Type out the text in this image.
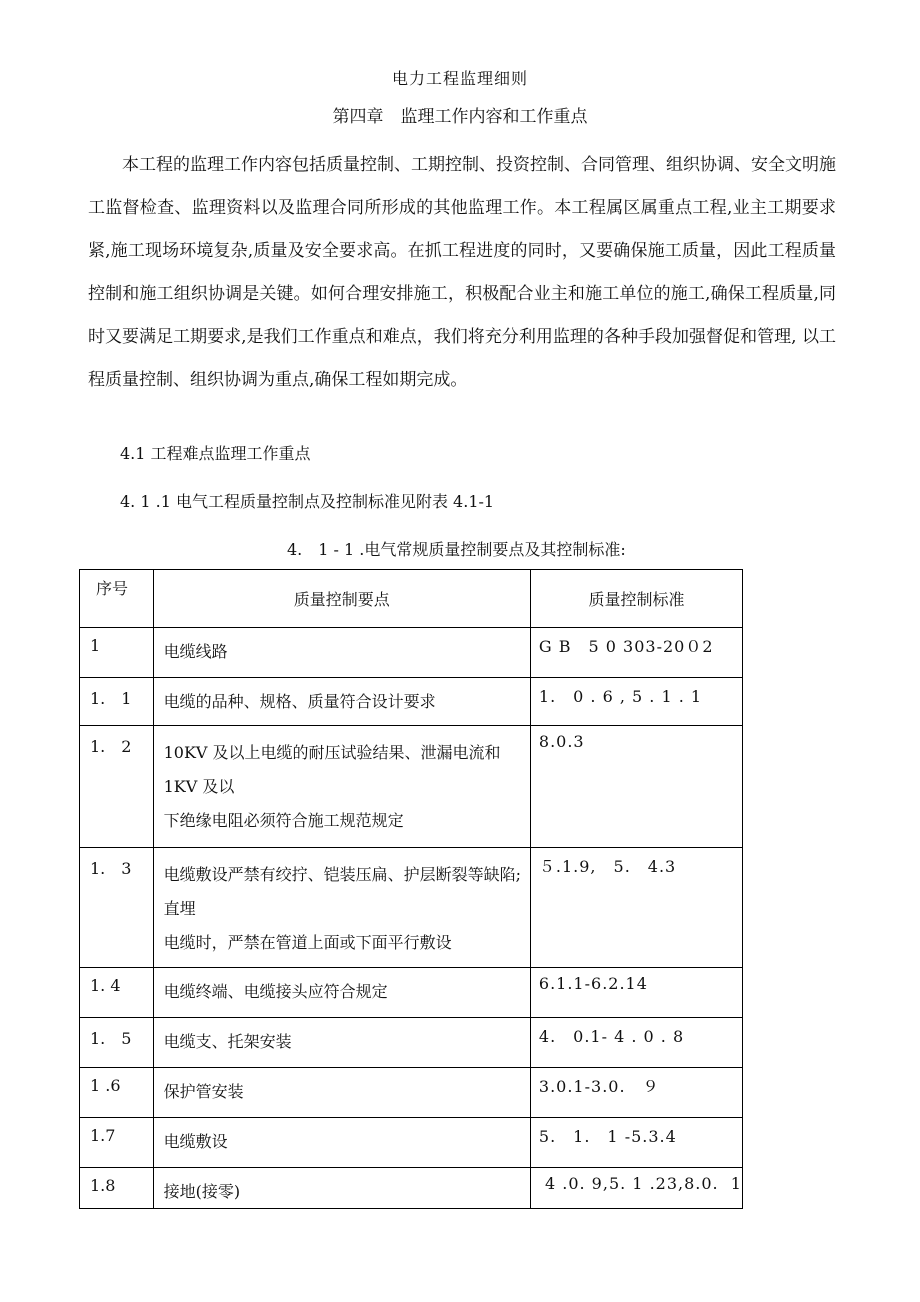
电力工程监理细则
第四章　监理工作内容和工作重点

本工程的监理工作内容包括质量控制、工期控制、投资控制、合同管理、组织协调、安全文明施工监督检查、监理资料以及监理合同所形成的其他监理工作。本工程属区属重点工程,业主工期要求紧,施工现场环境复杂,质量及安全要求高。在抓工程进度的同时，又要确保施工质量，因此工程质量控制和施工组织协调是关键。如何合理安排施工，积极配合业主和施工单位的施工,确保工程质量,同时又要满足工期要求,是我们工作重点和难点，我们将充分利用监理的各种手段加强督促和管理, 以工程质量控制、组织协调为重点,确保工程如期完成。

4.1 工程难点监理工作重点
4. 1 .1 电气工程质量控制点及控制标准见附表 4.1-1
4.　1 - 1 .电气常规质量控制要点及其控制标准:
序号	质量控制要点	质量控制标准
1	电缆线路	G B　5 0 303-20０2
1.　1	电缆的品种、规格、质量符合设计要求	1.　0 . 6 , 5 . 1 . 1
1.　2	10KV 及以上电缆的耐压试验结果、泄漏电流和
1KV 及以
下绝缘电阻必须符合施工规范规定	8.0.3
1.　3	电缆敷设严禁有绞拧、铠装压扁、护层断裂等缺陷;
直埋
电缆时，严禁在管道上面或下面平行敷设	５.1.9,　5.　4.3
1. 4	电缆终端、电缆接头应符合规定	6.1.1-6.2.14
1.　5	电缆支、托架安装	4.　0.1- 4 . 0 . 8
1 .6	保护管安装	3.0.1-3.0.　９
1.7	电缆敷设	5.　1.　1 -5.3.4
1.8	接地(接零)	4 .0. 9,5. 1 .23,8.0.  1
